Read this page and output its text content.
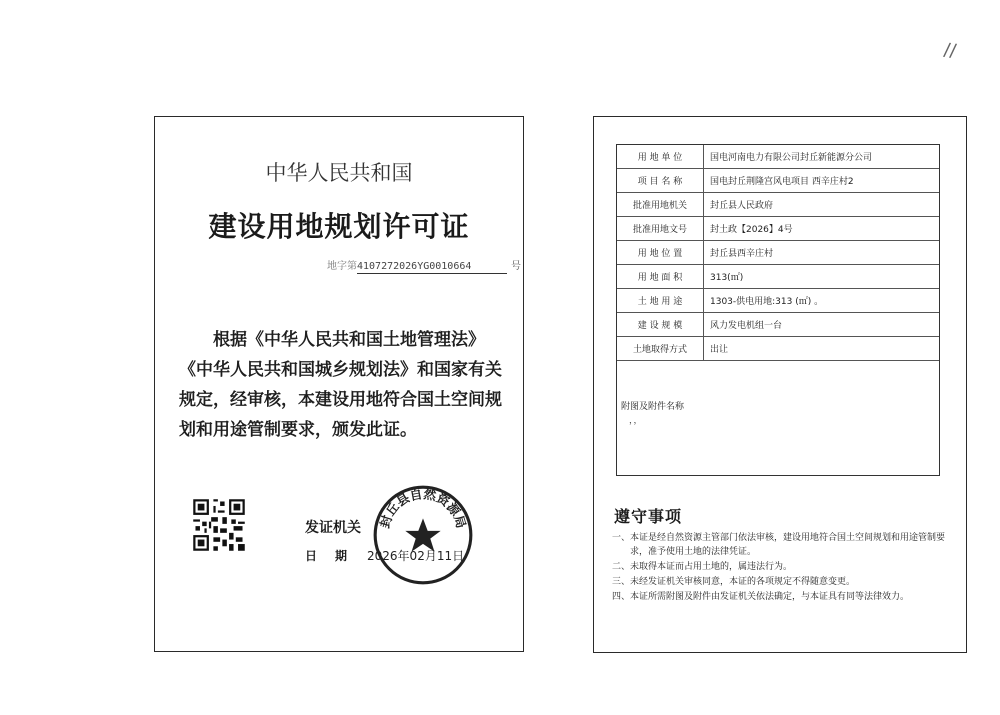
//
中华人民共和国
建设用地规划许可证
地字第4107272026YG0010664	号
根据《中华人民共和国土地管理法》《中华人民共和国城乡规划法》和国家有关规定，经审核，本建设用地符合国土空间规划和用途管制要求，颁发此证。
发证机关
日期 2026年02月11日
封丘县自然资源局
用 地 单 位	国电河南电力有限公司封丘新能源分公司
项 目 名 称	国电封丘荆隆宫风电项目 西辛庄村2
批准用地机关	封丘县人民政府
批准用地文号	封土政【2026】4号
用 地 位 置	封丘县西辛庄村
用 地 面 积	313(㎡)
土 地 用 途	1303-供电用地:313 (㎡) 。
建 设 规 模	风力发电机组一台
土地取得方式	出让
附图及附件名称
，，
遵守事项
一、本证是经自然资源主管部门依法审核，建设用地符合国土空间规划和用途管制要求，准予使用土地的法律凭证。
二、未取得本证而占用土地的，属违法行为。
三、未经发证机关审核同意，本证的各项规定不得随意变更。
四、本证所需附图及附件由发证机关依法确定，与本证具有同等法律效力。
